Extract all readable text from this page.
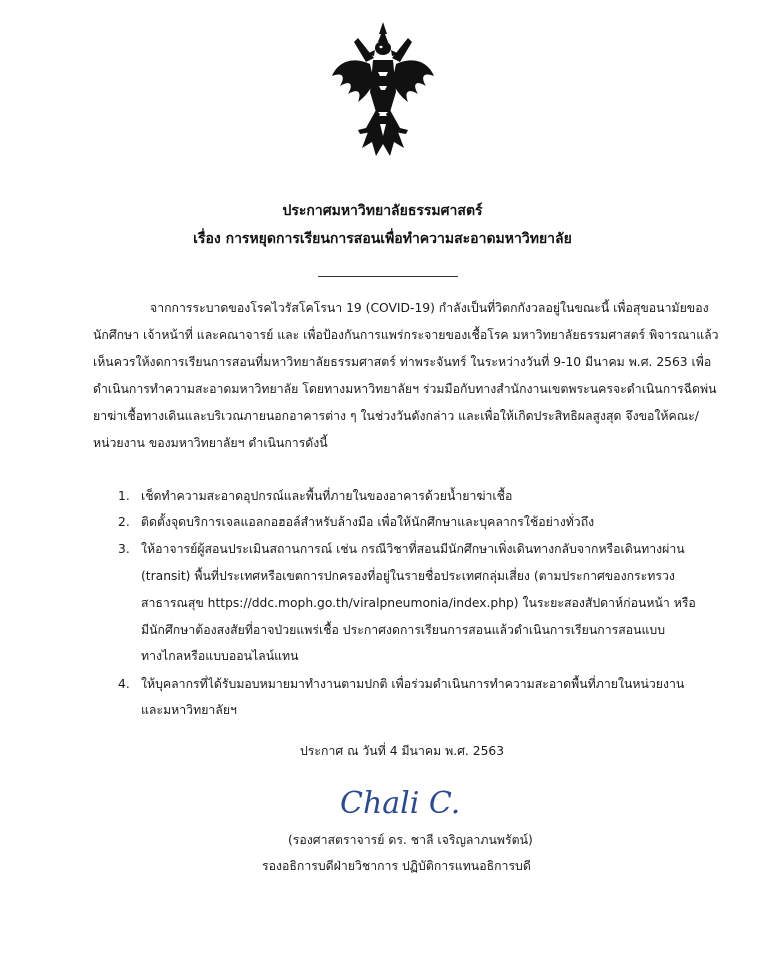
ประกาศมหาวิทยาลัยธรรมศาสตร์
เรื่อง การหยุดการเรียนการสอนเพื่อทำความสะอาดมหาวิทยาลัย
จากการระบาดของโรคไวรัสโคโรนา 19 (COVID-19) กำลังเป็นที่วิตกกังวลอยู่ในขณะนี้ เพื่อสุขอนามัยของ
นักศึกษา เจ้าหน้าที่ และคณาจารย์ และ เพื่อป้องกันการแพร่กระจายของเชื้อโรค มหาวิทยาลัยธรรมศาสตร์ พิจารณาแล้ว
เห็นควรให้งดการเรียนการสอนที่มหาวิทยาลัยธรรมศาสตร์ ท่าพระจันทร์ ในระหว่างวันที่ 9-10 มีนาคม พ.ศ. 2563 เพื่อ
ดำเนินการทำความสะอาดมหาวิทยาลัย โดยทางมหาวิทยาลัยฯ ร่วมมือกับทางสำนักงานเขตพระนครจะดำเนินการฉีดพ่น
ยาฆ่าเชื้อทางเดินและบริเวณภายนอกอาคารต่าง ๆ ในช่วงวันดังกล่าว และเพื่อให้เกิดประสิทธิผลสูงสุด จึงขอให้คณะ/
หน่วยงาน ของมหาวิทยาลัยฯ ดำเนินการดังนี้
1. เช็ดทำความสะอาดอุปกรณ์และพื้นที่ภายในของอาคารด้วยน้ำยาฆ่าเชื้อ
2. ติดตั้งจุดบริการเจลแอลกอฮอล์สำหรับล้างมือ เพื่อให้นักศึกษาและบุคลากรใช้อย่างทั่วถึง
3. ให้อาจารย์ผู้สอนประเมินสถานการณ์ เช่น กรณีวิชาที่สอนมีนักศึกษาเพิ่งเดินทางกลับจากหรือเดินทางผ่าน
(transit) พื้นที่ประเทศหรือเขตการปกครองที่อยู่ในรายชื่อประเทศกลุ่มเสี่ยง (ตามประกาศของกระทรวง
สาธารณสุข https://ddc.moph.go.th/viralpneumonia/index.php) ในระยะสองสัปดาห์ก่อนหน้า หรือ
มีนักศึกษาต้องสงสัยที่อาจป่วยแพร่เชื้อ ประกาศงดการเรียนการสอนแล้วดำเนินการเรียนการสอนแบบ
ทางไกลหรือแบบออนไลน์แทน
4. ให้บุคลากรที่ได้รับมอบหมายมาทำงานตามปกติ เพื่อร่วมดำเนินการทำความสะอาดพื้นที่ภายในหน่วยงาน
และมหาวิทยาลัยฯ
ประกาศ ณ วันที่ 4 มีนาคม พ.ศ. 2563
Chali C.
(รองศาสตราจารย์ ดร. ชาลี เจริญลาภนพรัตน์)
รองอธิการบดีฝ่ายวิชาการ ปฏิบัติการแทนอธิการบดี
